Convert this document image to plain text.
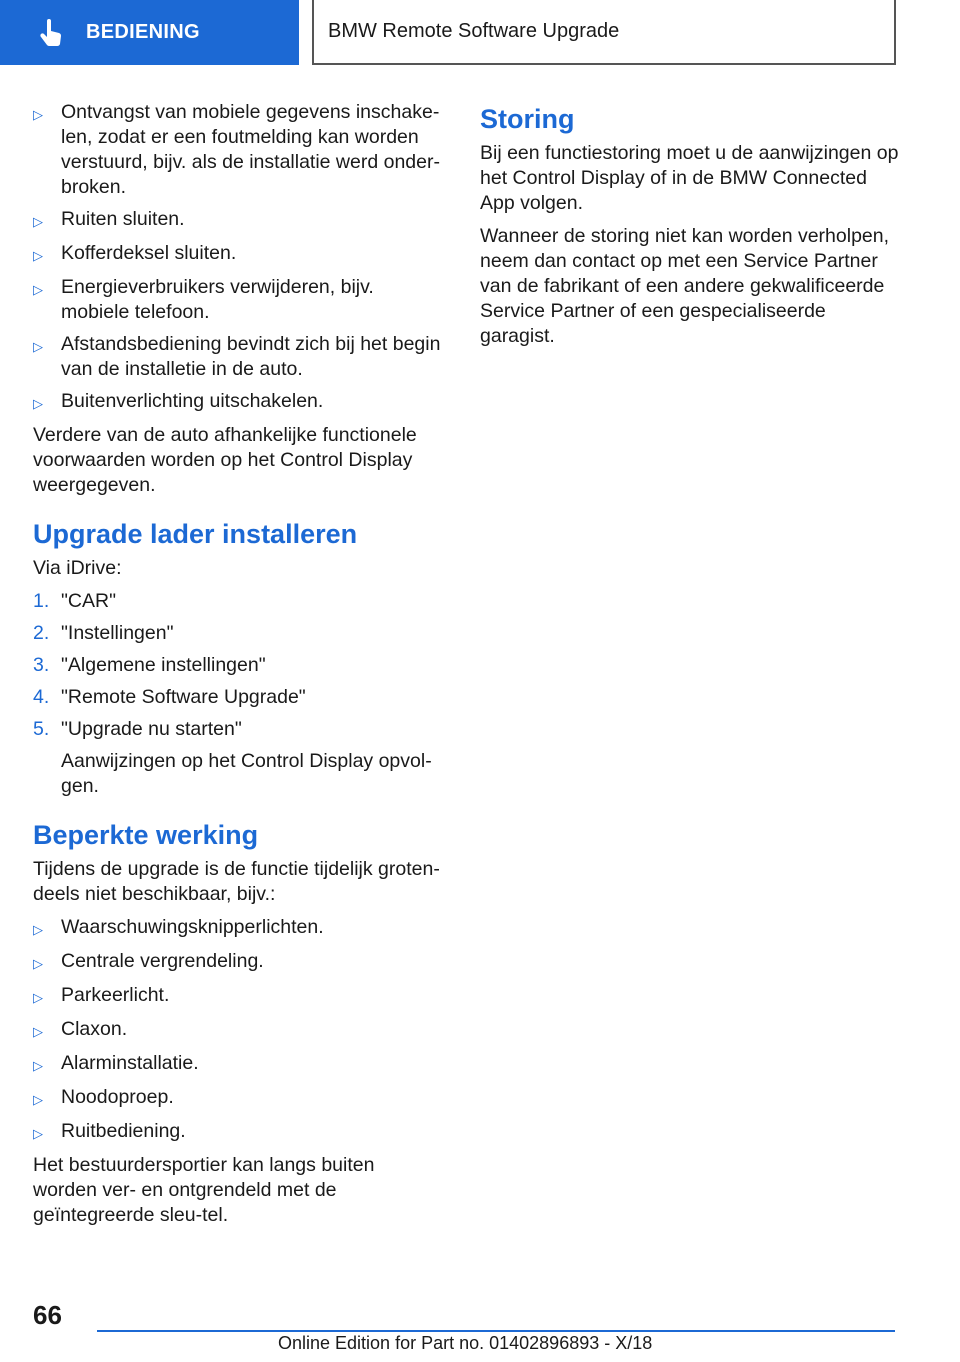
BEDIENING	BMW Remote Software Upgrade
▷ Ontvangst van mobiele gegevens inschake-len, zodat er een foutmelding kan worden verstuurd, bijv. als de installatie werd onder-broken.
▷ Ruiten sluiten.
▷ Kofferdeksel sluiten.
▷ Energieverbruikers verwijderen, bijv. mobiele telefoon.
▷ Afstandsbediening bevindt zich bij het begin van de installetie in de auto.
▷ Buitenverlichting uitschakelen.

Verdere van de auto afhankelijke functionele voorwaarden worden op het Control Display weergegeven.

Upgrade lader installeren

Via iDrive:

1. "CAR"
2. "Instellingen"
3. "Algemene instellingen"
4. "Remote Software Upgrade"
5. "Upgrade nu starten"

Aanwijzingen op het Control Display opvol-gen.

Beperkte werking

Tijdens de upgrade is de functie tijdelijk groten-deels niet beschikbaar, bijv.:

▷ Waarschuwingsknipperlichten.
▷ Centrale vergrendeling.
▷ Parkeerlicht.
▷ Claxon.
▷ Alarminstallatie.
▷ Noodoproep.
▷ Ruitbediening.

Het bestuurdersportier kan langs buiten worden ver- en ontgrendeld met de geïntegreerde sleu-tel.

Storing

Bij een functiestoring moet u de aanwijzingen op het Control Display of in de BMW Connected App volgen.

Wanneer de storing niet kan worden verholpen, neem dan contact op met een Service Partner van de fabrikant of een andere gekwalificeerde Service Partner of een gespecialiseerde garagist.

66
Online Edition for Part no. 01402896893 - X/18
